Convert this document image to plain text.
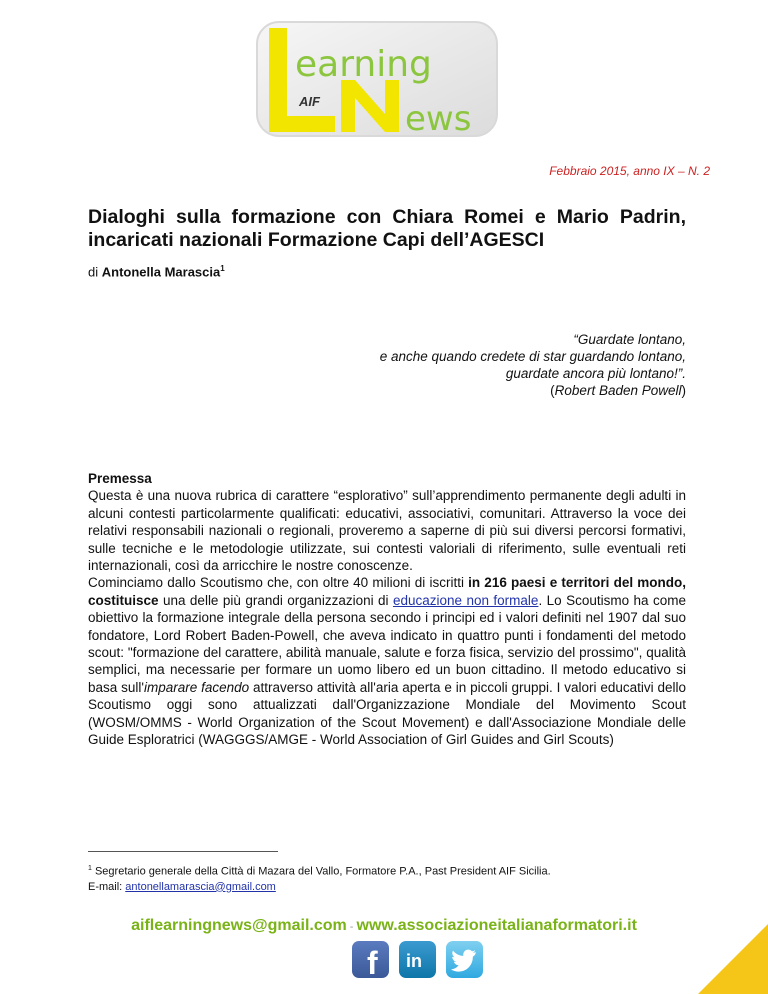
earning
ews
AIF
Febbraio 2015, anno IX – N. 2
Dialoghi sulla formazione con Chiara Romei e Mario Padrin, incaricati nazionali Formazione Capi dell’AGESCI
di Antonella Marascia$^1$
“Guardate lontano,
e anche quando credete di star guardando lontano,
guardate ancora più lontano!”.
(Robert Baden Powell)
Premessa

Questa è una nuova rubrica di carattere “esplorativo” sull’apprendimento permanente degli adulti in alcuni contesti particolarmente qualificati: educativi, associativi, comunitari. Attraverso la voce dei relativi responsabili nazionali o regionali, proveremo a saperne di più sui diversi percorsi formativi, sulle tecniche e le metodologie utilizzate, sui contesti valoriali di riferimento, sulle eventuali reti internazionali, così da arricchire le nostre conoscenze.

Cominciamo dallo Scoutismo che, con oltre 40 milioni di iscritti in 216 paesi e territori del mondo, costituisce una delle più grandi organizzazioni di educazione non formale. Lo Scoutismo ha come obiettivo la formazione integrale della persona secondo i principi ed i valori definiti nel 1907 dal suo fondatore, Lord Robert Baden-Powell, che aveva indicato in quattro punti i fondamenti del metodo scout: "formazione del carattere, abilità manuale, salute e forza fisica, servizio del prossimo", qualità semplici, ma necessarie per formare un uomo libero ed un buon cittadino. Il metodo educativo si basa sull'imparare facendo attraverso attività all'aria aperta e in piccoli gruppi. I valori educativi dello Scoutismo oggi sono attualizzati dall'Organizzazione Mondiale del Movimento Scout (WOSM/OMMS - World Organization of the Scout Movement) e dall'Associazione Mondiale delle Guide Esploratrici (WAGGGS/AMGE - World Association of Girl Guides and Girl Scouts)

$^1$ Segretario generale della Città di Mazara del Vallo, Formatore P.A., Past President AIF Sicilia.
E-mail: antonellamarascia@gmail.com
aiflearningnews@gmail.com - www.associazioneitalianaformatori.it
f in
